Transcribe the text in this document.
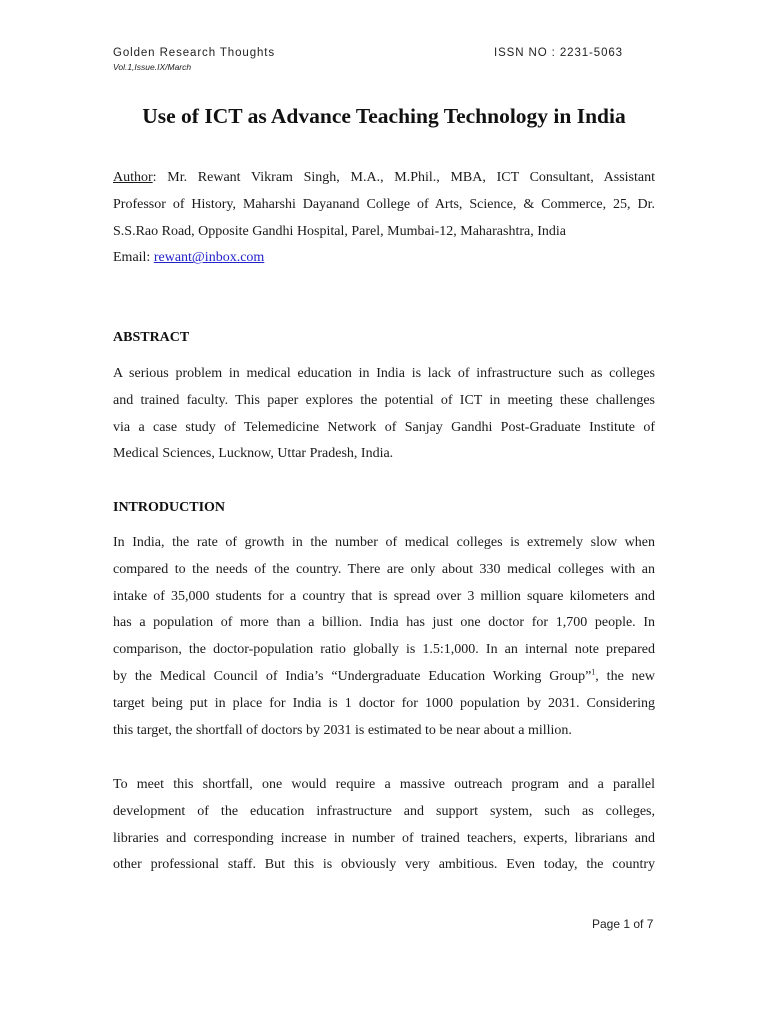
Golden Research Thoughts
Vol.1,Issue.IX/March
ISSN NO : 2231-5063
Use of ICT as Advance Teaching Technology in India
Author: Mr. Rewant Vikram Singh, M.A., M.Phil., MBA, ICT Consultant, Assistant
Professor of History, Maharshi Dayanand College of Arts, Science, & Commerce, 25, Dr.
S.S.Rao Road, Opposite Gandhi Hospital, Parel, Mumbai-12, Maharashtra, India
Email: rewant@inbox.com
ABSTRACT
A serious problem in medical education in India is lack of infrastructure such as colleges
and trained faculty. This paper explores the potential of ICT in meeting these challenges
via a case study of Telemedicine Network of Sanjay Gandhi Post-Graduate Institute of
Medical Sciences, Lucknow, Uttar Pradesh, India.
INTRODUCTION
In India, the rate of growth in the number of medical colleges is extremely slow when
compared to the needs of the country. There are only about 330 medical colleges with an
intake of 35,000 students for a country that is spread over 3 million square kilometers and
has a population of more than a billion. India has just one doctor for 1,700 people. In
comparison, the doctor-population ratio globally is 1.5:1,000. In an internal note prepared
by the Medical Council of India’s “Undergraduate Education Working Group”$^1$, the new
target being put in place for India is 1 doctor for 1000 population by 2031. Considering
this target, the shortfall of doctors by 2031 is estimated to be near about a million.
To meet this shortfall, one would require a massive outreach program and a parallel
development of the education infrastructure and support system, such as colleges,
libraries and corresponding increase in number of trained teachers, experts, librarians and
other professional staff. But this is obviously very ambitious. Even today, the country
Page 1 of 7
